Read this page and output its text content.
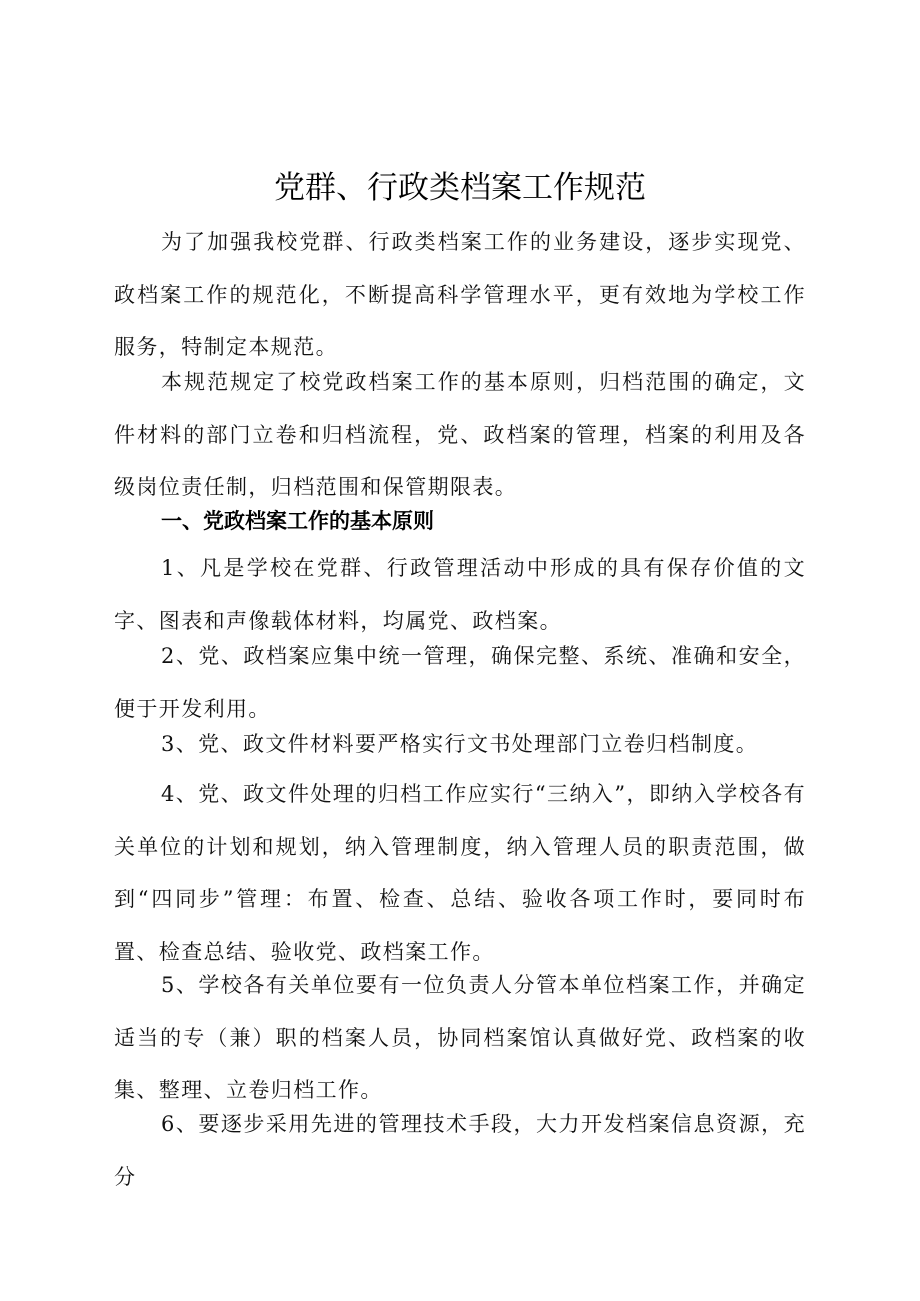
党群、行政类档案工作规范

为了加强我校党群、行政类档案工作的业务建设，逐步实现党、政档案工作的规范化，不断提高科学管理水平，更有效地为学校工作服务，特制定本规范。

本规范规定了校党政档案工作的基本原则，归档范围的确定，文件材料的部门立卷和归档流程，党、政档案的管理，档案的利用及各级岗位责任制，归档范围和保管期限表。

一、党政档案工作的基本原则

1、凡是学校在党群、行政管理活动中形成的具有保存价值的文字、图表和声像载体材料，均属党、政档案。

2、党、政档案应集中统一管理，确保完整、系统、准确和安全，便于开发利用。

3、党、政文件材料要严格实行文书处理部门立卷归档制度。

4、党、政文件处理的归档工作应实行“三纳入”，即纳入学校各有关单位的计划和规划，纳入管理制度，纳入管理人员的职责范围，做到“四同步”管理：布置、检查、总结、验收各项工作时，要同时布置、检查总结、验收党、政档案工作。

5、学校各有关单位要有一位负责人分管本单位档案工作，并确定适当的专（兼）职的档案人员，协同档案馆认真做好党、政档案的收集、整理、立卷归档工作。

6、要逐步采用先进的管理技术手段，大力开发档案信息资源，充分
